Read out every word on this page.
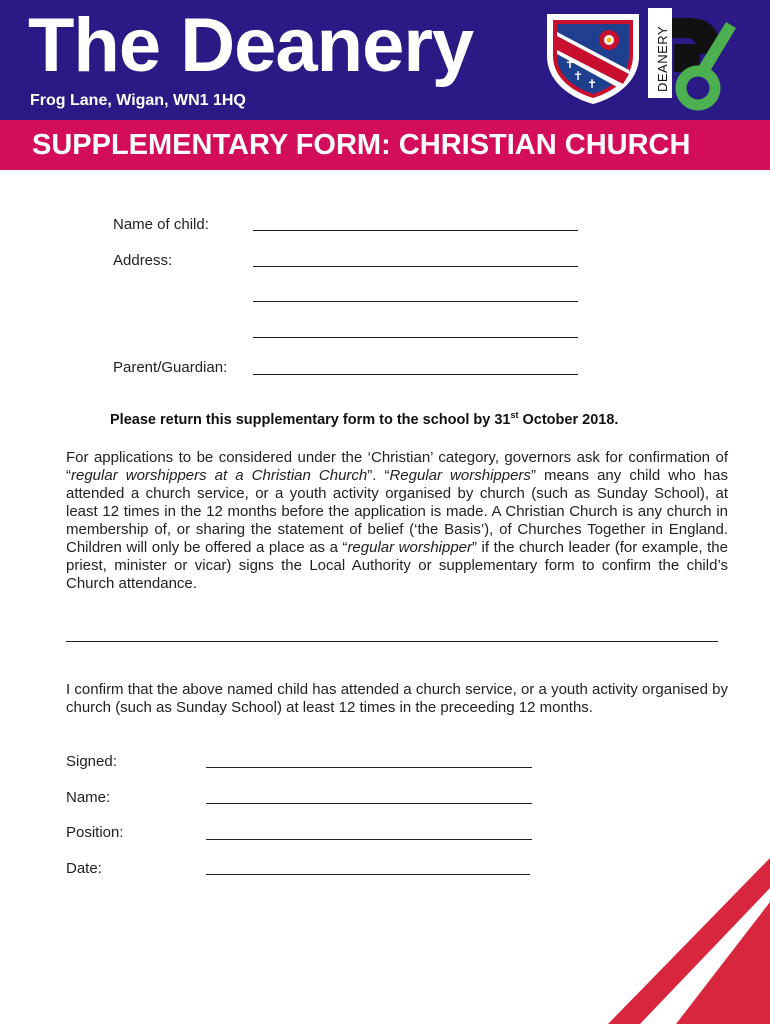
The Deanery
Frog Lane, Wigan, WN1 1HQ
✝
✝
✝	DEANERY
SUPPLEMENTARY FORM: CHRISTIAN CHURCH
Name of child:
Address:
Parent/Guardian:
Please return this supplementary form to the school by 31st October 2018.
For applications to be considered under the ‘Christian’ category, governors ask for confirmation of “regular worshippers at a Christian Church”. “Regular worshippers” means any child who has attended a church service, or a youth activity organised by church (such as Sunday School), at least 12 times in the 12 months before the application is made. A Christian Church is any church in membership of, or sharing the statement of belief (‘the Basis’), of Churches Together in England. Children will only be offered a place as a “regular worshipper” if the church leader (for example, the priest, minister or vicar) signs the Local Authority or supplementary form to confirm the child’s Church attendance.
I confirm that the above named child has attended a church service, or a youth activity organised by church (such as Sunday School) at least 12 times in the preceeding 12 months.
Signed:
Name:
Position:
Date:
